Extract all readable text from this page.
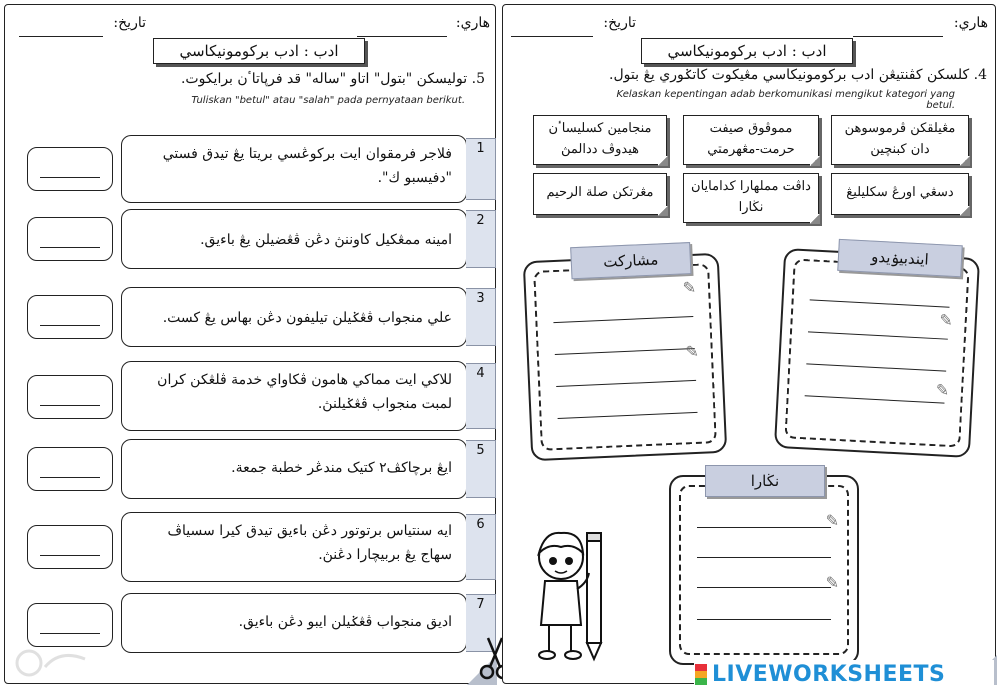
تاريخ:	هاري:
ادب : ادب بركومونيكاسي
5. توليسكن "بتول" اتاو "ساله" قد فرڽاتاٴن برايكوت.
Tuliskan "betul" atau "salah" pada pernyataan berikut.
فلاجر فرمقوان ايت بركوڠسي بريتا يڠ تيدق فستي "دفيسبو ك".
1
امينه ممڠكيل كاوننڽ دڠن ڤڠضيلن يڠ باءيق.
2
علي منجواب ڤڠݢيلن تيليفون دڠن بهاس يڠ كست.
3
للاكي ايت مماكي هامون ڤکاواي خدمة ڤلڠكن كران لمبت منجواب ڤڠݢيلنڽ.
4
ايڠ برچاكڤ٢ كتيک مندڠر خطبة جمعة.
5
ايه سنتياس برتوتور دڠن باءيق تيدق كيرا سسياڤ سهاج يڠ بربيچارا دڠنڽ.
6
اديق منجواب ڤڠݢيلن ايبو دڠن باءيق.
7
تاريخ:	هاري:
ادب : ادب بركومونيكاسي
4. كلسكن كڤنتيڠن ادب بركومونيكاسي مڠيكوت كاتݢوري يڠ بتول.
Kelaskan kepentingan adab berkomunikasi mengikut kategori yang betul.
مڠيلقكن ڤرموسوهن دان كبنچين
مموڤوق صيفت حرمت-مڠهرمتي
منجامين كسليساٴن هيدوڤ ددالمڽ
دسڠي اورڠ سكليليڠ
داڤت مملهارا كدامايان نڬارا
مڠرتكن صلة الرحيم
✎
✎
مشاركت
✎
✎
ايندبيۏيدو
✎
✎
نڬارا
LIVEWORKSHEETS
